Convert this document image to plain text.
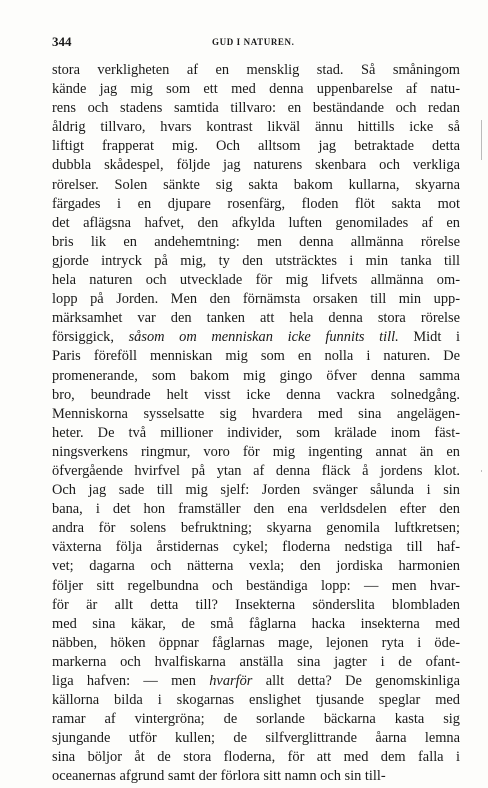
344	GUD I NATUREN.
stora verkligheten af en mensklig stad. Så småningom
kände jag mig som ett med denna uppenbarelse af natu-
rens och stadens samtida tillvaro: en beständande och redan
åldrig tillvaro, hvars kontrast likväl ännu hittills icke så
liftigt frapperat mig. Och alltsom jag betraktade detta
dubbla skådespel, följde jag naturens skenbara och verkliga
rörelser. Solen sänkte sig sakta bakom kullarna, skyarna
färgades i en djupare rosenfärg, floden flöt sakta mot
det aflägsna hafvet, den afkylda luften genomilades af en
bris lik en andehemtning: men denna allmänna rörelse
gjorde intryck på mig, ty den utsträcktes i min tanka till
hela naturen och utvecklade för mig lifvets allmänna om-
lopp på Jorden. Men den förnämsta orsaken till min upp-
märksamhet var den tanken att hela denna stora rörelse
försiggick, såsom om menniskan icke funnits till. Midt i
Paris föreföll menniskan mig som en nolla i naturen. De
promenerande, som bakom mig gingo öfver denna samma
bro, beundrade helt visst icke denna vackra solnedgång.
Menniskorna sysselsatte sig hvardera med sina angelägen-
heter. De två millioner individer, som krälade inom fäst-
ningsverkens ringmur, voro för mig ingenting annat än en
öfvergående hvirfvel på ytan af denna fläck å jordens klot.
Och jag sade till mig sjelf: Jorden svänger sålunda i sin
bana, i det hon framställer den ena verldsdelen efter den
andra för solens befruktning; skyarna genomila luftkretsen;
växterna följa årstidernas cykel; floderna nedstiga till haf-
vet; dagarna och nätterna vexla; den jordiska harmonien
följer sitt regelbundna och beständiga lopp: — men hvar-
för är allt detta till? Insekterna sönderslita blombladen
med sina käkar, de små fåglarna hacka insekterna med
näbben, höken öppnar fåglarnas mage, lejonen ryta i öde-
markerna och hvalfiskarna anställa sina jagter i de ofant-
liga hafven: — men hvarför allt detta? De genomskinliga
källorna bilda i skogarnas enslighet tjusande speglar med
ramar af vintergröna; de sorlande bäckarna kasta sig
sjungande utför kullen; de silfverglittrande åarna lemna
sina böljor åt de stora floderna, för att med dem falla i
oceanernas afgrund samt der förlora sitt namn och sin till-
